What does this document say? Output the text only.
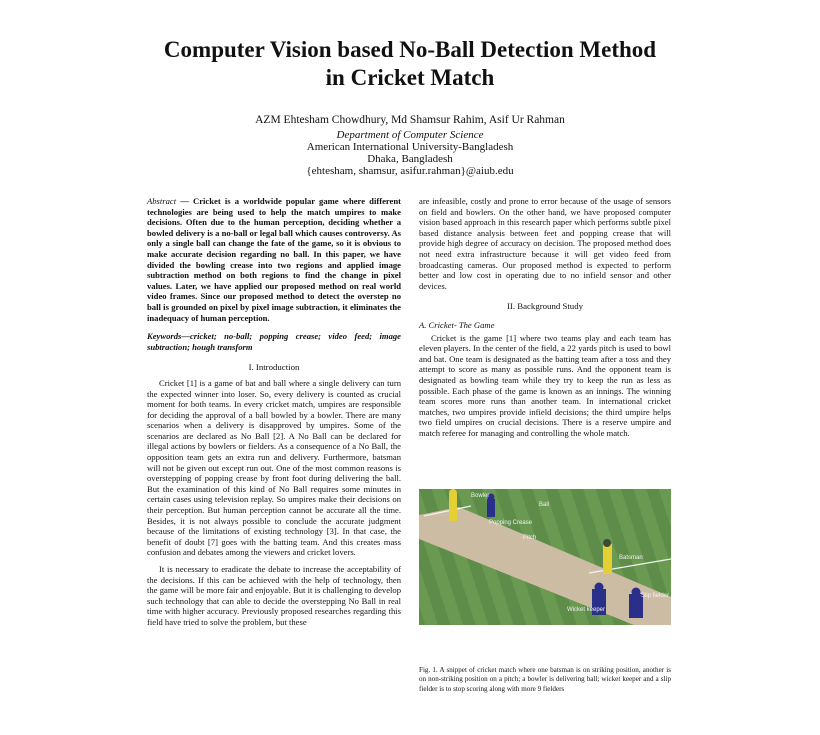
Computer Vision based No-Ball Detection Method
in Cricket Match
AZM Ehtesham Chowdhury, Md Shamsur Rahim, Asif Ur Rahman
Department of Computer Science
American International University-Bangladesh
Dhaka, Bangladesh
{ehtesham, shamsur, asifur.rahman}@aiub.edu
Abstract — Cricket is a worldwide popular game where different technologies are being used to help the match umpires to make decisions. Often due to the human perception, deciding whether a bowled delivery is a no-ball or legal ball which causes controversy. As only a single ball can change the fate of the game, so it is obvious to make accurate decision regarding no ball. In this paper, we have divided the bowling crease into two regions and applied image subtraction method on both regions to find the change in pixel values. Later, we have applied our proposed method on real world video frames. Since our proposed method to detect the overstep no ball is grounded on pixel by pixel image subtraction, it eliminates the inadequacy of human perception.
Keywords—cricket; no-ball; popping crease; video feed; image subtraction; hough transform
I. Introduction

Cricket [1] is a game of bat and ball where a single delivery can turn the expected winner into loser. So, every delivery is counted as crucial moment for both teams. In every cricket match, umpires are responsible for deciding the approval of a ball bowled by a bowler. There are many scenarios when a delivery is disapproved by umpires. Some of the scenarios are declared as No Ball [2]. A No Ball can be declared for illegal actions by bowlers or fielders. As a consequence of a No Ball, the opposition team gets an extra run and delivery. Furthermore, batsman will not be given out except run out. One of the most common reasons is overstepping of popping crease by front foot during delivering the ball. But the examination of this kind of No Ball requires some minutes in certain cases using television replay. So umpires make their decisions on their perception. But human perception cannot be accurate all the time. Besides, it is not always possible to conclude the accurate judgment because of the limitations of existing technology [3]. In that case, the benefit of doubt [7] goes with the batting team. And this creates mass confusion and debates among the viewers and cricket lovers.

It is necessary to eradicate the debate to increase the acceptability of the decisions. If this can be achieved with the help of technology, then the game will be more fair and enjoyable. But it is challenging to develop such technology that can able to decide the overstepping No Ball in real time with higher accuracy. Previously proposed researches regarding this field have tried to solve the problem, but these

are infeasible, costly and prone to error because of the usage of sensors on field and bowlers. On the other hand, we have proposed computer vision based approach in this research paper which performs subtle pixel based distance analysis between feet and popping crease that will provide high degree of accuracy on decision. The proposed method does not need extra infrastructure because it will get video feed from broadcasting cameras. Our proposed method is expected to perform better and low cost in operating due to no infield sensor and other devices.

II. Background Study
A. Cricket- The Game

Cricket is the game [1] where two teams play and each team has eleven players. In the center of the field, a 22 yards pitch is used to bowl and bat. One team is designated as the batting team after a toss and they attempt to score as many as possible runs. And the opponent team is designated as bowling team while they try to keep the run as less as possible. Each phase of the game is known as an innings. The winning team scores more runs than another team. In international cricket matches, two umpires provide infield decisions; the third umpire helps two field umpires on crucial decisions. There is a reserve umpire and match referee for managing and controlling the whole match.

Bowler
Ball
Popping Crease
Pitch
Batsman
Wicket keeper
Slip fielder
Fig. 1. A snippet of cricket match where one batsman is on striking position, another is on non-striking position on a pitch; a bowler is delivering ball; wicket keeper and a slip fielder is to stop scoring along with more 9 fielders
